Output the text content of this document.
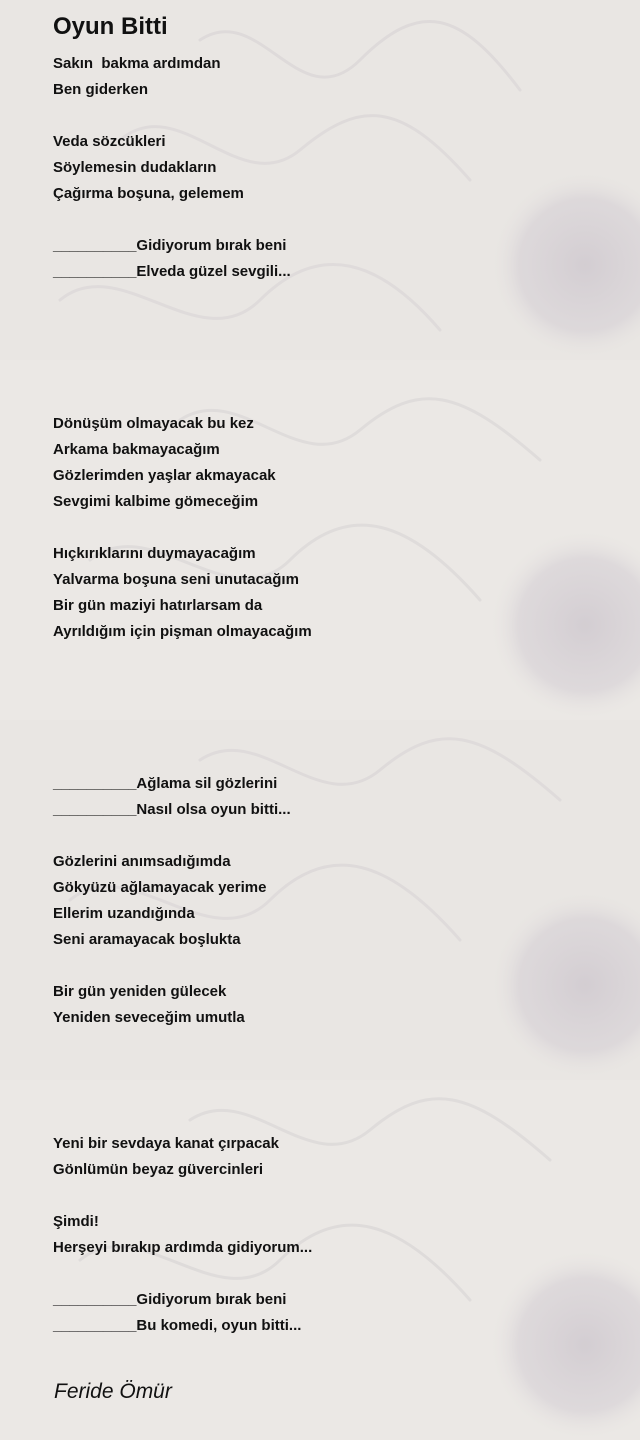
Oyun Bitti
Sakın  bakma ardımdan
Ben giderken
Veda sözcükleri
Söylemesin dudakların
Çağırma boşuna, gelemem
__________Gidiyorum bırak beni
__________Elveda güzel sevgili...
Dönüşüm olmayacak bu kez
Arkama bakmayacağım
Gözlerimden yaşlar akmayacak
Sevgimi kalbime gömeceğim
Hıçkırıklarını duymayacağım
Yalvarma boşuna seni unutacağım
Bir gün maziyi hatırlarsam da
Ayrıldığım için pişman olmayacağım
__________Ağlama sil gözlerini
__________Nasıl olsa oyun bitti...
Gözlerini anımsadığımda
Gökyüzü ağlamayacak yerime
Ellerim uzandığında
Seni aramayacak boşlukta
Bir gün yeniden gülecek
Yeniden seveceğim umutla
Yeni bir sevdaya kanat çırpacak
Gönlümün beyaz güvercinleri
Şimdi!
Herşeyi bırakıp ardımda gidiyorum...
__________Gidiyorum bırak beni
__________Bu komedi, oyun bitti...
Feride Ömür
